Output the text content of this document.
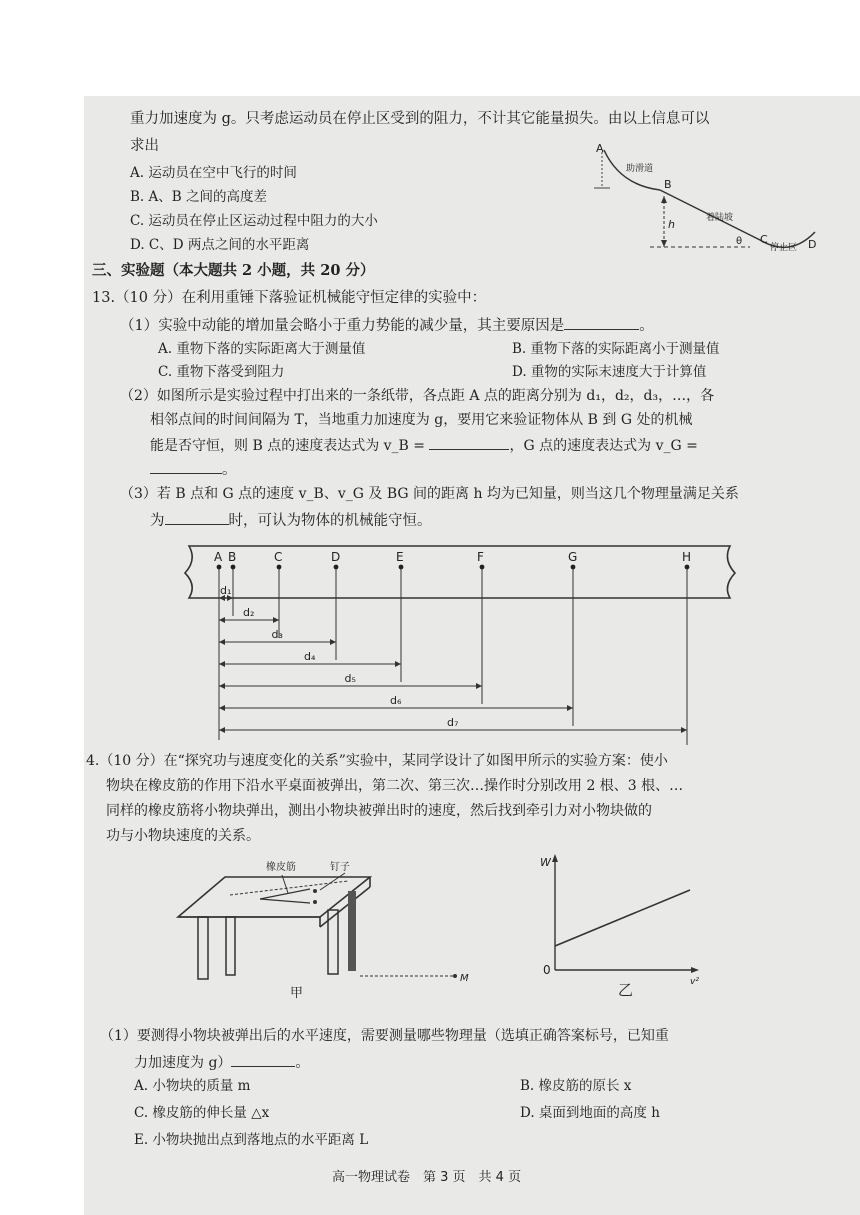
重力加速度为 g。只考虑运动员在停止区受到的阻力，不计其它能量损失。由以上信息可以
求出
A. 运动员在空中飞行的时间
B. A、B 之间的高度差
C. 运动员在停止区运动过程中阻力的大小
D. C、D 两点之间的水平距离
A
助滑道
B
着陆坡
h
θ C
停止区 D
三、实验题（本大题共 2 小题，共 20 分）
13.（10 分）在利用重锤下落验证机械能守恒定律的实验中：
（1）实验中动能的增加量会略小于重力势能的减少量，其主要原因是	。
A. 重物下落的实际距离大于测量值	B. 重物下落的实际距离小于测量值
C. 重物下落受到阻力	D. 重物的实际末速度大于计算值
（2）如图所示是实验过程中打出来的一条纸带，各点距 A 点的距离分别为 d₁，d₂，d₃，…，各
相邻点间的时间间隔为 T，当地重力加速度为 g，要用它来验证物体从 B 到 G 处的机械
能是否守恒，则 B 点的速度表达式为 v_B =	，G 点的速度表达式为 v_G =
。
（3）若 B 点和 G 点的速度 v_B、v_G 及 BG 间的距离 h 均为已知量，则当这几个物理量满足关系
为	时，可认为物体的机械能守恒。
A B	C	D	E	F	G	H
d₁
d₂
d₃
d₄
d₅
d₆
d₇
4.（10 分）在“探究功与速度变化的关系”实验中，某同学设计了如图甲所示的实验方案：使小
物块在橡皮筋的作用下沿水平桌面被弹出，第二次、第三次…操作时分别改用 2 根、3 根、…
同样的橡皮筋将小物块弹出，测出小物块被弹出时的速度，然后找到牵引力对小物块做的
功与小物块速度的关系。
橡皮筋	钉子
M
甲
W
v²
0
乙
（1）要测得小物块被弹出后的水平速度，需要测量哪些物理量（选填正确答案标号，已知重
力加速度为 g）	。
A. 小物块的质量 m	B. 橡皮筋的原长 x
C. 橡皮筋的伸长量 △x	D. 桌面到地面的高度 h
E. 小物块抛出点到落地点的水平距离 L
高一物理试卷　第 3 页　共 4 页
